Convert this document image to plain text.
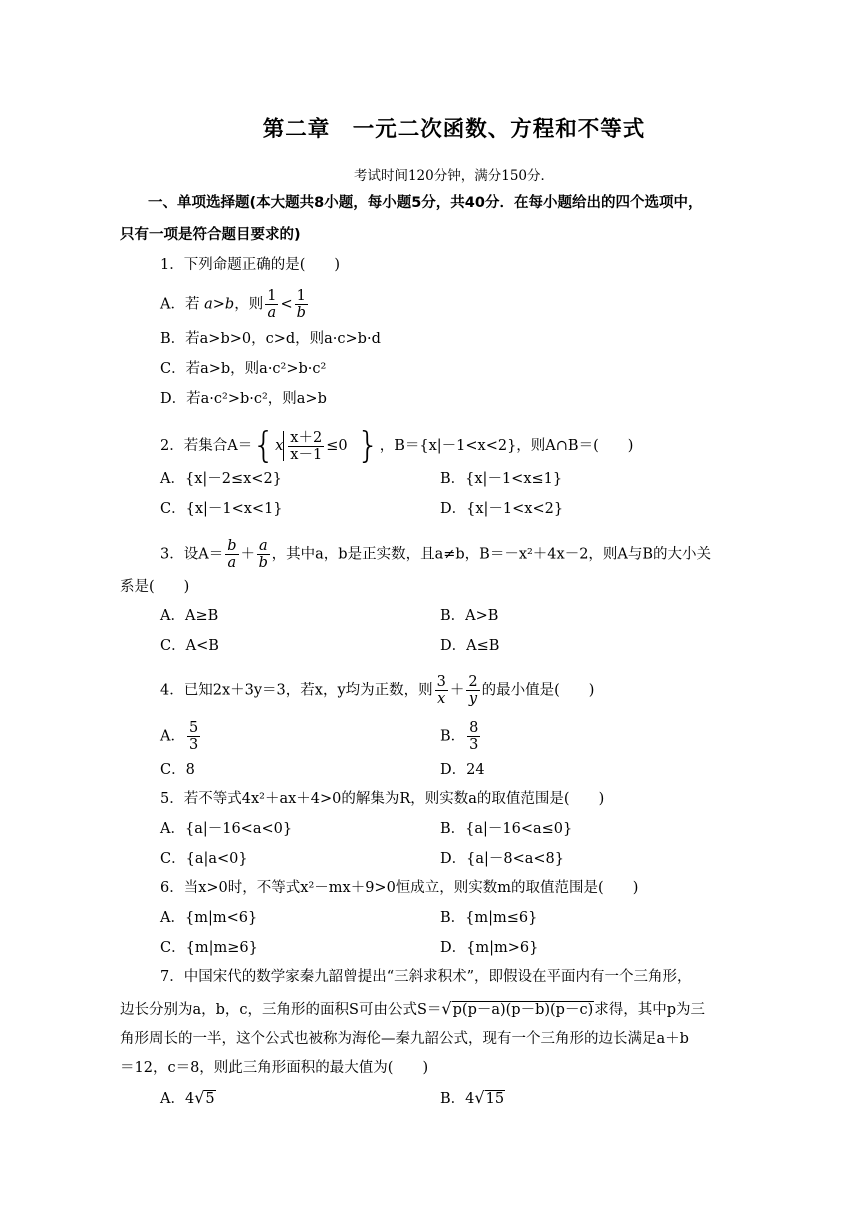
第二章　一元二次函数、方程和不等式
考试时间120分钟，满分150分．
一、单项选择题(本大题共8小题，每小题5分，共40分．在每小题给出的四个选项中，
只有一项是符合题目要求的)
1．下列命题正确的是(　　)
A．若 a>b，则 $\frac{1}{a} < \frac{1}{b}$
B．若a>b>0，c>d，则a·c>b·d
C．若a>b，则a·c²>b·c²
D．若a·c²>b·c²，则a>b
2．若集合$A=\{x \frac{x+2}{x-1} \le 0$ }，B＝{x|－1<x<2}，则A∩B＝(　　)
A．{x|－2≤x<2}	B．{x|－1<x≤1}
C．{x|－1<x<1}	D．{x|－1<x<2}
3．设$A= \frac{b}{a} + \frac{a}{b}$ ，其中a，b是正实数，且a≠b，B＝－x²＋4x－2，则A与B的大小关
系是(　　)
A．A≥B	B．A>B
C．A<B	D．A≤B
4．已知2x＋3y＝3，若x，y均为正数，则 $\frac{3}{x} + \frac{2}{y}$ 的最小值是(　　)
A． $\frac{5}{3}$	B． $\frac{8}{3}$
C．8	D．24
5．若不等式4x²＋ax＋4>0的解集为R，则实数a的取值范围是(　　)
A．{a|－16<a<0}	B．{a|－16<a≤0}
C．{a|a<0}	D．{a|－8<a<8}
6．当x>0时，不等式x²－mx＋9>0恒成立，则实数m的取值范围是(　　)
A．{m|m<6}	B．{m|m≤6}
C．{m|m≥6}	D．{m|m>6}
7．中国宋代的数学家秦九韶曾提出“三斜求积术”，即假设在平面内有一个三角形，
边长分别为a，b，c，三角形的面积S可由公式S＝√p(p－a)(p－b)(p－c)求得，其中p为三
角形周长的一半，这个公式也被称为海伦—秦九韶公式，现有一个三角形的边长满足a＋b
＝12，c＝8，则此三角形面积的最大值为(　　)
A．4√5	B．4√15
